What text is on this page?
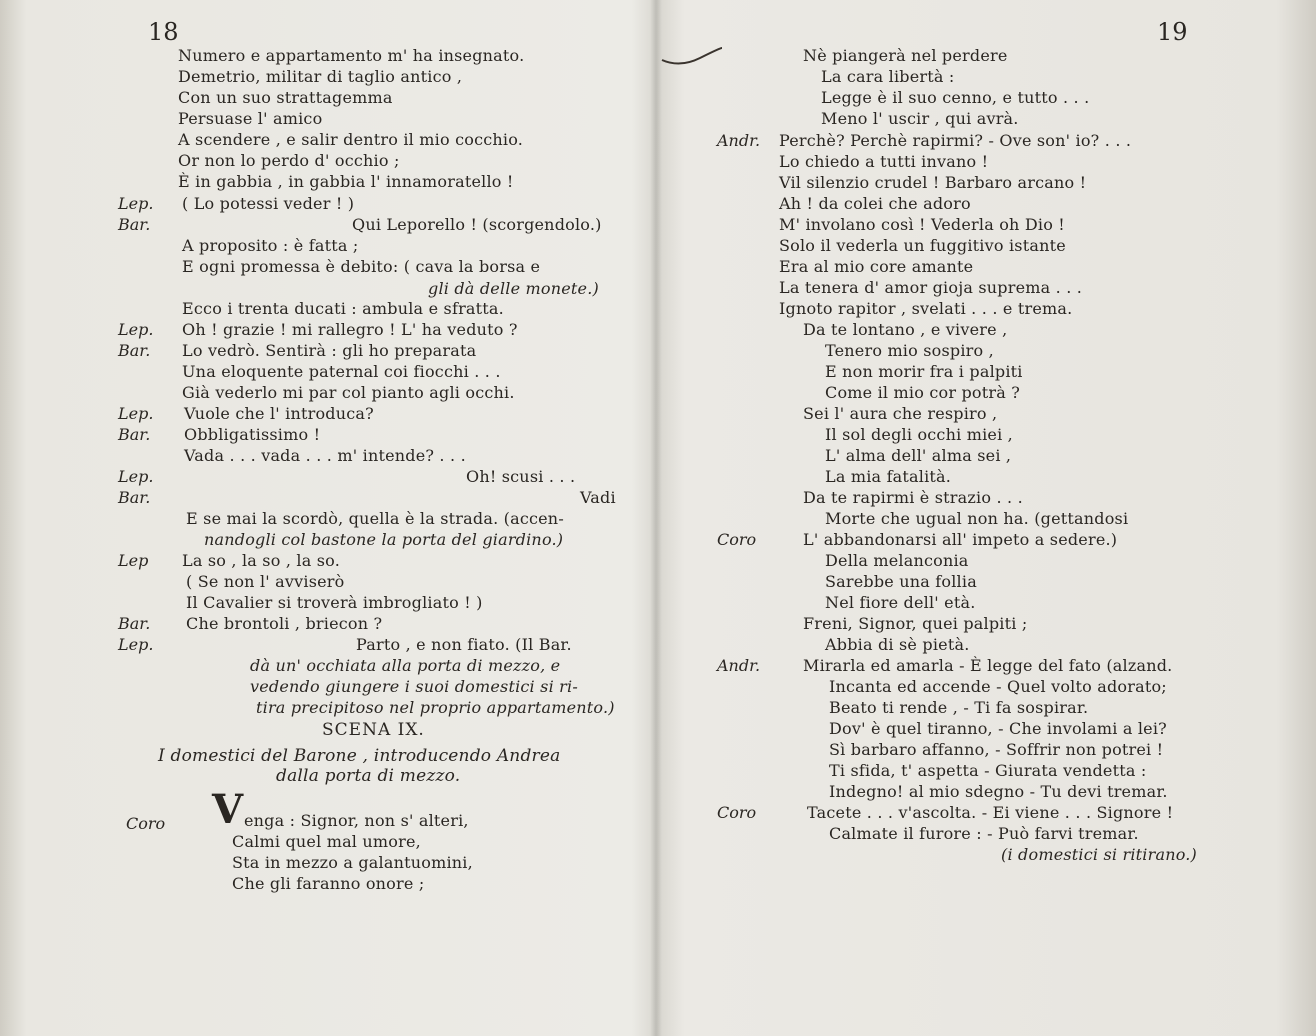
18
Numero e appartamento m' ha insegnato.
Demetrio, militar di taglio antico ,
Con un suo strattagemma
Persuase l' amico
A scendere , e salir dentro il mio cocchio.
Or non lo perdo d' occhio ;
È in gabbia , in gabbia l' innamoratello !
Lep. ( Lo potessi veder ! )
Bar.	Qui Leporello ! (scorgendolo.)
A proposito : è fatta ;
E ogni promessa è debito: ( cava la borsa e
gli dà delle monete.)
Ecco i trenta ducati : ambula e sfratta.
Lep. Oh ! grazie ! mi rallegro ! L' ha veduto ?
Bar. Lo vedrò. Sentirà : gli ho preparata
Una eloquente paternal coi fiocchi . . .
Già vederlo mi par col pianto agli occhi.
Lep. Vuole che l' introduca?
Bar. Obbligatissimo !
Vada . . . vada . . . m' intende? . . .
Lep.	Oh! scusi . . .
Bar.	Vadi
E se mai la scordò, quella è la strada. (accen-
nandogli col bastone la porta del giardino.)
Lep La so , la so , la so.
( Se non l' avviserò
Il Cavalier si troverà imbrogliato ! )
Bar. Che brontoli , briecon ?
Lep.	Parto , e non fiato. (Il Bar.
dà un' occhiata alla porta di mezzo, e
vedendo giungere i suoi domestici si ri-
tira precipitoso nel proprio appartamento.)
SCENA IX.
I domestici del Barone , introducendo Andrea
dalla porta di mezzo.
Coro V enga : Signor, non s' alteri,
Calmi quel mal umore,
Sta in mezzo a galantuomini,
Che gli faranno onore ;
19
Nè piangerà nel perdere
La cara libertà :
Legge è il suo cenno, e tutto . . .
Meno l' uscir , qui avrà.
Andr. Perchè? Perchè rapirmi? - Ove son' io? . . .
Lo chiedo a tutti invano !
Vil silenzio crudel ! Barbaro arcano !
Ah ! da colei che adoro
M' involano così ! Vederla oh Dio !
Solo il vederla un fuggitivo istante
Era al mio core amante
La tenera d' amor gioja suprema . . .
Ignoto rapitor , svelati . . . e trema.
Da te lontano , e vivere ,
Tenero mio sospiro ,
E non morir fra i palpiti
Come il mio cor potrà ?
Sei l' aura che respiro ,
Il sol degli occhi miei ,
L' alma dell' alma sei ,
La mia fatalità.
Da te rapirmi è strazio . . .
Morte che ugual non ha. (gettandosi
Coro	L' abbandonarsi all' impeto a sedere.)
Della melanconia
Sarebbe una follia
Nel fiore dell' età.
Freni, Signor, quei palpiti ;
Abbia di sè pietà.
Andr.	Mirarla ed amarla - È legge del fato (alzand.
Incanta ed accende - Quel volto adorato;
Beato ti rende , - Ti fa sospirar.
Dov' è quel tiranno, - Che involami a lei?
Sì barbaro affanno, - Soffrir non potrei !
Ti sfida, t' aspetta - Giurata vendetta :
Indegno! al mio sdegno - Tu devi tremar.
Coro	Tacete . . . v'ascolta. - Ei viene . . . Signore !
Calmate il furore : - Può farvi tremar.
(i domestici si ritirano.)
